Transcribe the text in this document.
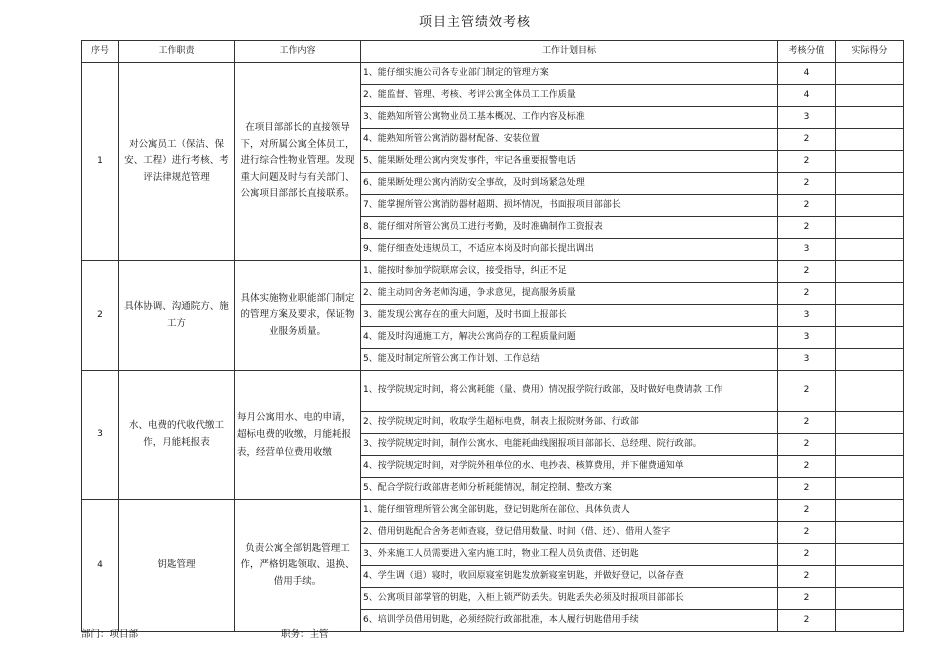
项目主管绩效考核
序号	工作职责	工作内容	工作计划目标	考核分值	实际得分
1	对公寓员工（保洁、保安、工程）进行考核、考评法律规范管理	在项目部部长的直接领导下，对所属公寓全体员工，进行综合性物业管理。发现重大问题及时与有关部门、公寓项目部部长直接联系。	1、能仔细实施公司各专业部门制定的管理方案	4	
			2、能监督、管理、考核、考评公寓全体员工工作质量	4	
			3、能熟知所管公寓物业员工基本概况、工作内容及标准	3	
			4、能熟知所管公寓消防器材配备、安装位置	2	
			5、能果断处理公寓内突发事件，牢记各重要报警电话	2	
			6、能果断处理公寓内消防安全事故，及时到场紧急处理	2	
			7、能掌握所管公寓消防器材超期、损坏情况，书面报项目部部长	2	
			8、能仔细对所管公寓员工进行考勤，及时准确制作工资报表	2	
			9、能仔细查处违规员工，不适应本岗及时向部长提出调出	3	
2	具体协调、沟通院方、施工方	具体实施物业职能部门制定的管理方案及要求，保证物业服务质量。	1、能按时参加学院联席会议，接受指导，纠正不足	2	
			2、能主动同舍务老师沟通，争求意见，提高服务质量	2	
			3、能发现公寓存在的重大问题，及时书面上报部长	3	
			4、能及时沟通施工方，解决公寓尚存的工程质量问题	3	
			5、能及时制定所管公寓工作计划、工作总结	3	
3	水、电费的代收代缴工作，月能耗报表	每月公寓用水、电的申请，超标电费的收缴，月能耗报表，经营单位费用收缴	1、按学院规定时间，将公寓耗能（量、费用）情况报学院行政部，及时做好电费请款 工作	2	
			2、按学院规定时间，收取学生超标电费，制表上报院财务部、行政部	2	
			3、按学院规定时间，制作公寓水、电能耗曲线图报项目部部长、总经理、院行政部。	2	
			4、按学院规定时间，对学院外租单位的水、电抄表、核算费用，并下催费通知单	2	
			5、配合学院行政部唐老师分析耗能情况，制定控制、整改方案	2	
4	钥匙管理	负责公寓全部钥匙管理工作，严格钥匙领取、退换、借用手续。	1、能仔细管理所管公寓全部钥匙，登记钥匙所在部位、具体负责人	2	
			2、借用钥匙配合舍务老师查寝，登记借用数量、时间（借、还）、借用人签字	2	
			3、外来施工人员需要进入室内施工时，物业工程人员负责借、还钥匙	2	
			4、学生调（退）寝时，收回原寝室钥匙发放新寝室钥匙，并做好登记，以备存查	2	
			5、公寓项目部掌管的钥匙，入柜上锁严防丢失。钥匙丢失必须及时报项目部部长	2	
			6、培训学员借用钥匙，必须经院行政部批准，本人履行钥匙借用手续	2	
部门：项目部	职务：主管
